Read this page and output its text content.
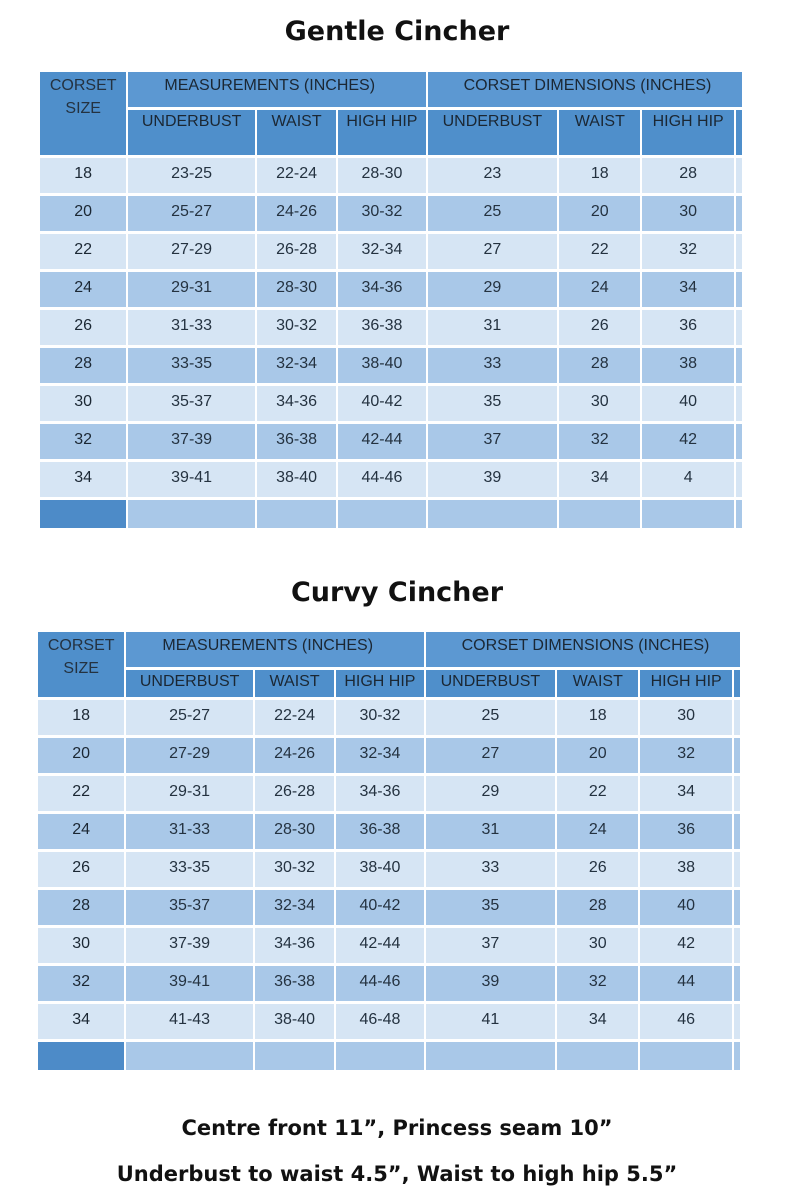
Gentle Cincher
CORSET SIZE	MEASUREMENTS (INCHES)			CORSET DIMENSIONS (INCHES)			
	UNDERBUST	WAIST	HIGH HIP	UNDERBUST	WAIST	HIGH HIP	
18	23-25	22-24	28-30	23	18	28	
20	25-27	24-26	30-32	25	20	30	
22	27-29	26-28	32-34	27	22	32	
24	29-31	28-30	34-36	29	24	34	
26	31-33	30-32	36-38	31	26	36	
28	33-35	32-34	38-40	33	28	38	
30	35-37	34-36	40-42	35	30	40	
32	37-39	36-38	42-44	37	32	42	
34	39-41	38-40	44-46	39	34	4	

Curvy Cincher
CORSET SIZE	MEASUREMENTS (INCHES)			CORSET DIMENSIONS (INCHES)			
	UNDERBUST	WAIST	HIGH HIP	UNDERBUST	WAIST	HIGH HIP	
18	25-27	22-24	30-32	25	18	30	
20	27-29	24-26	32-34	27	20	32	
22	29-31	26-28	34-36	29	22	34	
24	31-33	28-30	36-38	31	24	36	
26	33-35	30-32	38-40	33	26	38	
28	35-37	32-34	40-42	35	28	40	
30	37-39	34-36	42-44	37	30	42	
32	39-41	36-38	44-46	39	32	44	
34	41-43	38-40	46-48	41	34	46	

Centre front 11”, Princess seam 10”
Underbust to waist 4.5”, Waist to high hip 5.5”
